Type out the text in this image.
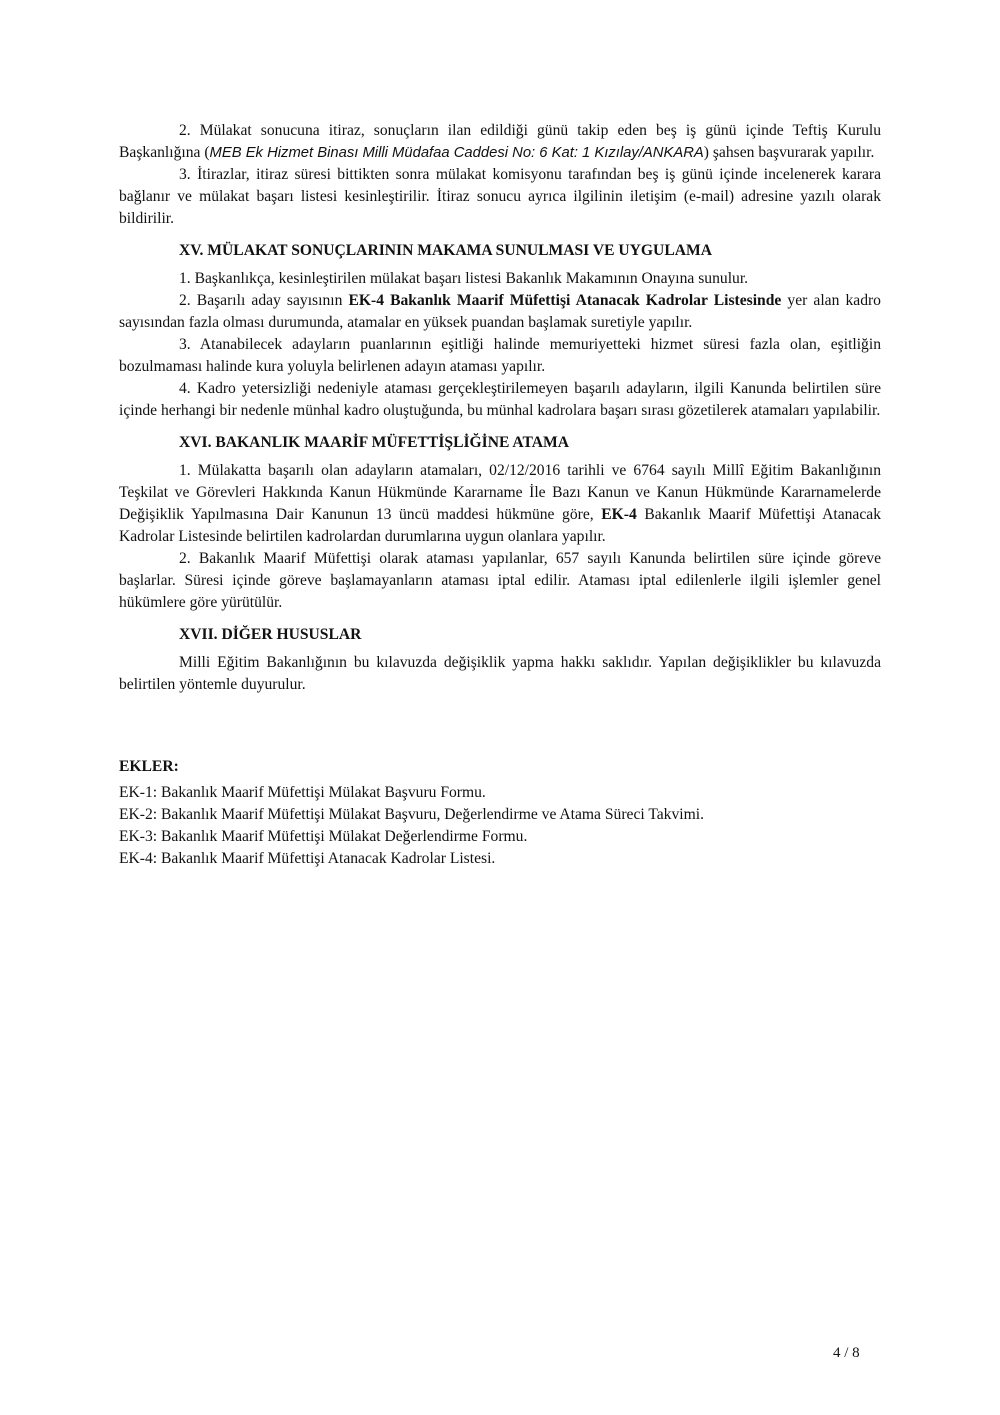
2. Mülakat sonucuna itiraz, sonuçların ilan edildiği günü takip eden beş iş günü içinde Teftiş Kurulu Başkanlığına (MEB Ek Hizmet Binası Milli Müdafaa Caddesi No: 6 Kat: 1 Kızılay/ANKARA) şahsen başvurarak yapılır.

3. İtirazlar, itiraz süresi bittikten sonra mülakat komisyonu tarafından beş iş günü içinde incelenerek karara bağlanır ve mülakat başarı listesi kesinleştirilir. İtiraz sonucu ayrıca ilgilinin iletişim (e-mail) adresine yazılı olarak bildirilir.

XV. MÜLAKAT SONUÇLARININ MAKAMA SUNULMASI VE UYGULAMA

1. Başkanlıkça, kesinleştirilen mülakat başarı listesi Bakanlık Makamının Onayına sunulur.

2. Başarılı aday sayısının EK-4 Bakanlık Maarif Müfettişi Atanacak Kadrolar Listesinde yer alan kadro sayısından fazla olması durumunda, atamalar en yüksek puandan başlamak suretiyle yapılır.

3. Atanabilecek adayların puanlarının eşitliği halinde memuriyetteki hizmet süresi fazla olan, eşitliğin bozulmaması halinde kura yoluyla belirlenen adayın ataması yapılır.

4. Kadro yetersizliği nedeniyle ataması gerçekleştirilemeyen başarılı adayların, ilgili Kanunda belirtilen süre içinde herhangi bir nedenle münhal kadro oluştuğunda, bu münhal kadrolara başarı sırası gözetilerek atamaları yapılabilir.

XVI. BAKANLIK MAARİF MÜFETTİŞLİĞİNE ATAMA

1. Mülakatta başarılı olan adayların atamaları, 02/12/2016 tarihli ve 6764 sayılı Millî Eğitim Bakanlığının Teşkilat ve Görevleri Hakkında Kanun Hükmünde Kararname İle Bazı Kanun ve Kanun Hükmünde Kararnamelerde Değişiklik Yapılmasına Dair Kanunun 13 üncü maddesi hükmüne göre, EK-4 Bakanlık Maarif Müfettişi Atanacak Kadrolar Listesinde belirtilen kadrolardan durumlarına uygun olanlara yapılır.

2. Bakanlık Maarif Müfettişi olarak ataması yapılanlar, 657 sayılı Kanunda belirtilen süre içinde göreve başlarlar. Süresi içinde göreve başlamayanların ataması iptal edilir. Ataması iptal edilenlerle ilgili işlemler genel hükümlere göre yürütülür.

XVII. DİĞER HUSUSLAR

Milli Eğitim Bakanlığının bu kılavuzda değişiklik yapma hakkı saklıdır. Yapılan değişiklikler bu kılavuzda belirtilen yöntemle duyurulur.

EKLER:

EK-1: Bakanlık Maarif Müfettişi Mülakat Başvuru Formu.

EK-2: Bakanlık Maarif Müfettişi Mülakat Başvuru, Değerlendirme ve Atama Süreci Takvimi.

EK-3: Bakanlık Maarif Müfettişi Mülakat Değerlendirme Formu.

EK-4: Bakanlık Maarif Müfettişi Atanacak Kadrolar Listesi.

4 / 8
